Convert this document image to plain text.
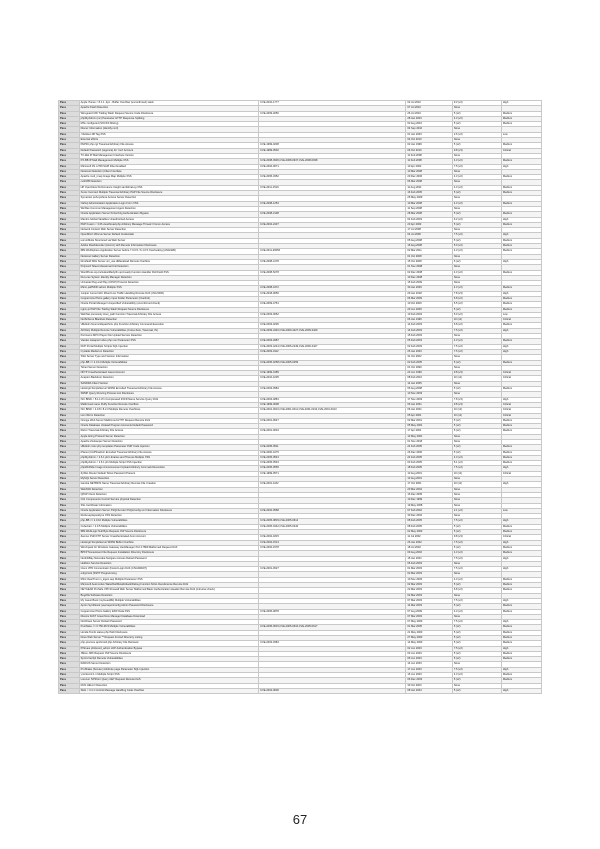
Pass	Apple iTunes < 8.1.1 .4pc - Buffer Overflow (unconfirmed) stack	CVE-2010-1777	02 Jul 2010	9.3 (v2)	High
Pass	Apache Flash Detection		07 Jul 2010	None	
Pass	Wireguard URI Trailing Slash Request Source Code Disclosure	CVE-2009-4050	26 Jul 2010	5 (v2)	Medium
Pass	phpMyAdmin (mc) Parameter HTTP Response Splitting		28 Jan 2003	4.3 (v2)	Medium
Pass	MSx configured (SOCKS Mixing)		02 Aug 2010	5 (v2)	Medium
Pass	Discuz Information (identify.mml)		04 Sep 2010	None	
Pass	<Ibolsten 98 Tag XSS		01 Jan 2003	2.6 (v2)	Low
Pass	External efforts		04 Oct 2010	None	
Pass	PHPFit php.cgi Traversal Arbitrary File Access	CVE-1999-0238	02 Jan 1999	5 (v2)	Medium
Pass	Default Password (ssgonna) for 'root' Account	CVE-1999-0502	06 Oct 2019	9.8 (v3)	Critical
Pass	TX-Mat IP Mail Management Interface Version		11 Feb 2008	None	
Pass	PX-BB IP Mail Management Multiple XSS	CVE-2008-0936,CVE-2008-0937,CVE-2008-0938	11 Feb 2008	4.3 (v2)	Medium
Pass	Microsoft IIS .HTR ISAPI Filter Enabled	CVE-2002-0071	10 Apr 2002	7.5 (v2)	High
Pass	Netscout Detection (Client Interface		10 Mar 2008	None	
Pass	Apache mod_imap Image Map Multiple XSS	CVE-2005-3352	20 Dec 2006	4.3 (v2)	Medium
Pass	cvsNXB Detection		06 Mar 2008	None	
Pass	HP OpenView Performance Insight samMmaLog XSS	CVE-2011-1519	11 Aug 2011	4.3 (v2)	Medium
Pass	Xerox Incorrect Multiple Traversal Arbitrary PHP File Source Disclosure		16 Feb 2005	5 (v2)	Medium
Pass	Symantec pcAnywhere Access Server Detection		26 May 2009	None	
Pass	Oahsp Administration Application Login Form XSS	CVE-2008-1253	10 Mar 2008	4.3 (v2)	Medium
Pass	Wicfiles Common Management Agent Detection		11 Sep 2008	None	
Pass	Oracle Application Server Portal 10g Authentication Bypass	CVE-2008-2138	28 Mar 2008	5 (v2)	Medium
Pass	Mambo Global Variables Unauthorized Access		04 Feb 2003	6.2 (v2)	High
Pass	PHP Fusion < 3.06 viewthread.php Arbitrary Message Thread / Forum Access	CVE-2004-2437	23 Apr 2003	5 (v2)	Medium
Pass	Network Content Web Server Detection		17 Jul 2008	None	
Pass	OpenMind 1Xfocus Server Default Credentials		04 Jul 2006	7.5 (v2)	High
Pass	uorvorMutis Structured via Web Server		05 Aug 2008	5 (v2)	Medium
Pass	Adobe Flashdecoder (Accroc) with Remote Information Disclosure		16 Aug 2008	5.0 (v2)	Medium
Pass	IBM WebSphere Application Server before 7.0.0.5 / 6.1.0.5 Overlooking (ANANAB)	CVE-2011-26656	02 Mar 2011	4.3 (v2)	Medium
Pass	Netscout Gallery Server Detection		01 Oct 2008	None	
Pass	Drosfield SDH Server uni_use.dll/lanaload Remote Overflow	CVE-2008-4178	15 Oct 2008	6 (v2)	High
Pass	PolyLord Telecomfessional Unit Detection		01 Nov 2008	None	
Pass	WordPress wp-Includes/Medy/fin upd.ready Function Handler Roll Field XSS	CVE-2008-5278	02 Dec 2008	4.3 (v2)	Medium
Pass	Dut-ures System Identity Manager Detection		10 Dec 2008	None	
Pass	Univariat Plug and Play (UPnP) Protocol Detection		15 Feb 2009	None	
Pass	Micro paPMOD admin Multiple XSS	CVE-2008-4472	30 Jan 2009	4.3 (v2)	Medium
Pass	Juniper Junos NAC Mixed Live Traffic Handling Remote DoS (JSA 6000)	CVE-2018-0050	29 Jan 2018	7.8 (v3)	High
Pass	Coppermine Photo gallery input Folder Parameter (Overlink)		06 Mar 2009	6.8 (v2)	Medium
Pass	Oracle Portal Manager Unspecified Vulnerability (unconfirmed check)	CVE-2009-4751	10 Oct 2009	6.5 (v2)	Medium
Pass	nginx-pi PHP File Trailing Slash Request Source Disclosure		20 Jun 2009	5 (v2)	Medium
Pass	WebNet previously Host_path Function Traversal Arbitrary File Access	CVE-2003-0052	10 Feb 2003	5.0 (v2)	Low
Pass	NetScheme Blacklust Detection		06 Jan 1996	10 (v2)	Critical
Pass	vBulletin forums/dispatch/nu.php Function Arbitrary Command Execution	CVE-2003-0236	14 Feb 2003	6.8 (v2)	Medium
Pass	AKOlety Multiple Remote Vulnerabilities (Cross-Sets, Traversal, IN)	CVE-2009-3440,CVE-2009-4427,CVE-2009-3429	14 Feb 2003	7.5 (v2)	High
Pass	Pat Gamo MPC Player File Upload Service Detection		15 Feb 2003	None	
Pass	Vaudex siteaport index.php non Parameter XSS	CVE-2003-4987	05 Feb 2003	4.3 (v2)	Medium
Pass	DCP Portal Multiple Scripts SQL Injection	CVE-2003-4244,CVE-2006-2249,CVE-2006-4427	02 Feb 2003	7.5 (v2)	High
Pass	Cyclade Media Ion Detection	CVE-2003-0112	26 Jan 2003	7.5 (v2)	High
Pass	SSH Server Type and Version Information		31 Oct 2002	None	
Pass	php-BB <= 2.0.11 Multiple Vulnerabilities	CVE-2005-0258,CVE-2005-0259	02 Feb 2005	5 (v2)	Medium
Pass	Telnet Server Detection		01 Oct 1999	None	
Pass	NFTP Unauthenticated Guest Account	CVE-1999-0185	22 Jun 1999	9.8 (v3)	Critical
Pass	Anapton Backdoor Detection	CVE-2010-1035	08 Feb 2010	10 (v2)	Critical
Pass	SANDRA Client Version		14 Jan 2005	None	
Pass	Hostingit SimpleServer:WWW Encoded Traversal Arbitrary File Access	CVE-2003-0984	06 Aug 2008	5 (v2)	Medium
Pass	SNMP Query Running Process List Disclosure		10 Nov 2003	None	
Pass	ISC BIND < 8.1.1-P1 Compressed ZXFR Name Service Query DoS	CVE-2003-4881	17 Nov 2003	7.8 (v3)	High
Pass	Malformed name Fluffy Function Remote Overflow	CVE-1999-0008	06 Jan 2001	9.8 (v3)	Critical
Pass	ISC BIND < 4.9.8 / 8.2.3 Multiple Remote Overflows	CVE-2001-0010,CVE-2001-0011,CVE-2001-0012,CVE-2001-0013	06 Jan 2001	10 (v2)	Critical
Pass	Lion Worm Detection		05 Apr 2001	10 (v2)	Critical
Pass	Orange Web Server Malformed HTTP Request Remote DoS	CVE-2001-0647	02 Mar 2001	5 (v2)	Medium
Pass	Oracle Database Undead Program Accounts Default Password		05 May 2001	5 (v2)	Medium
Pass	Razor Traversal Arbitrary File Access	CVE-2001-0034	17 Apr 2001	5 (v2)	Medium
Pass	Apple Airing Protocol Server Detection		12 May 2001	None	
Pass	Apache Zookeeper Server Detection		01 Nov 2018	None	
Pass	vBulletin misc.php templates Parameter PHP Code Injection	CVE-2005-0511	24 Feb 2005	5 (v2)	Medium
Pass	iPlanet (CAPS/admin Encoded Traversal Arbitrary File Access	CVE-2000-1075	26 Dec 2000	5 (v2)	Medium
Pass	phpMyAdmin < 2.6.1 pl2 Libraries and Themes Multiple XSS	CVE-2005-0543	24 Feb 2005	4.3 (v2)	Medium
Pass	phpMyAdmin < 2.6.1 pl1 Multiple Script XSS Injection	CVE-2005-0543	03 Feb 2005	5.1 (v2)	Medium
Pass	phpWebSite Image Announcement Upload Arbitrary Command Execution	CVE-2005-0565	18 Feb 2005	7.5 (v2)	High
Pass	ZyXEL Router Default Telnet Password Present	CVE-1999-0571	13 Aug 2001	10 (v2)	Critical
Pass	MySQL Server Detection		12 Aug 2001	None	
Pass	Gamba NETBIOS Name Traversal Arbitrary Remote File Creation	CVE-2001-1162	17 Oct 2001	10 (v2)	High
Pass	WebDAV Detection		20 Mar 2004	None	
Pass	QPAP Client Detection		16 Dec 2005	None	
Pass	CGI Components Control Service physical Detection		10 Dec 1999	None	
Pass	SSL Certificate Information		19 May 2008	None	
Pass	Oracle Application Server XSQLServlet XSQLConfig.xml Information Disclosure	CVE-2002-0568	07 Feb 2002	2.1 (v2)	Low
Pass	Retrieveplaysetdyne XSS Detection		30 Dec 2002	None	
Pass	php-BB <= 2.0.10 Multiple Vulnerabilities	CVE-2005-0803,CVE-2005-0614	08 Feb 2005	7.5 (v2)	High
Pass	CubeCart < 2.0.5 Multiple Vulnerabilities	CVE-2005-0442,CVE-2005-0443	08 Feb 2005	5 (v2)	Medium
Pass	IBM WebLogic Null Byte Request JSP Source Disclosure		02 May 2003	5 (v2)	Medium
Pass	Zeonux PHN FTP Server Unauthenticated Anon Account	CVE-2002-1815	11 Jul 2002	9.8 (v3)	Critical
Pass	Hostingit SimpleServer:WWW Buffer Overflow	CVE-2002-1513	26 Jan 2002	7.5 (v2)	High
Pass	Winchpack for Windows Gateway HexManager Port 17869 Malformed Request DoS	CVE-2002-1578	18 Jul 2002	5 (v2)	Medium
Pass	BPFP Nonexistent File Request Installation Directory Disclosure		09 Aug 2002	4.3 (v2)	Medium
Pass	NetInfoBay Netcodea Nuriganu Access Default Password		15 Jan 2001	7.5 (v2)	High
Pass	Heldtom Service Detection		06 Feb 2003	None	
Pass	Cisco VPN Concentrator (hozed Login DoS (CSCdt0927))	CVE-2001-4527	01 Mar 2003	7.5 (v2)	High
Pass	enfgrconk (SSTP Programming		02 Mar 2003	None	
Pass	RSA ClearTrust m_logon.asp Multiple Parameter XSS		10 Nov 2003	4.3 (v2)	Medium
Pass	Microsoft Automotive WaterDat/Metal/Attack/Debug Function NULL Dereference Remote DoS		02 Mar 2003	5 (v2)	Medium
Pass	NETGEAR ProSafe VPN Firewall Web Server Malformed Basic Authentication Header Remote DoS (intrusive check)		22 Mar 2003	6.8 (v2)	Medium
Pass	Bugzilla Software Detection		02 Mar 2003	None	
Pass	My Guest Book (myGuestBk) Multiple Vulnerabilities		07 Mar 2003	7.5 (v2)	High
Pass	Apron Syndikook (userreportconfig Admin Password Disclosure		14 Mar 2003	5 (v2)	Medium
Pass	Coppermine Photo Gallery EXIF Data XSS	CVE-2005-4878	07 Aug 2009	4.3 (v2)	Medium
Pass	Dissins FAST Greenforce Manager Database Download		07 Mar 2003	None	
Pass	NetChaos Server Default Password		07 May 2003	7.5 (v2)	High
Pass	PostNuke <= 0.750-RC3 Multiple Vulnerabilities	CVE-2005-0615,CVE-2005-0616,CVE-2005-0617	01 Mar 2005	5 (v2)	Medium
Pass	Honda Tomfo status.php Path Disclosure		21 May 2003	5 (v2)	Medium
Pass	Does Web Server ** Request Forced Directory Listing		27 May 2003	5 (v2)	Medium
Pass	php-procone apchmlvd.php Arbitrary File Retrieval	CVE-2003-0384	14 May 2003	5 (v2)	Medium
Pass	Pihtrues phirkoord_admin LDP Authentication Bypass		02 Jun 2003	7.5 (v2)	High
Pass	JBoss JMX Request JSP Source Disclosure		03 Jun 2003	5 (v2)	Medium
Pass	Sprint-Verifyb Remote Vulnerabilities		06 Jun 2003	5 (v2)	Medium
Pass	RADIUS Server Detection		14 Jun 2003	None	
Pass	ProShake (Scouter) Attribute page Parameter SQL Injection		17 Jun 2003	7.5 (v2)	High
Pass	yrorrkcord 1.1 Multiple Script XSS		16 Jun 2003	4.3 (v2)	Medium
Pass	Lorecun IVPPoint Query GET Request Remote DoS		06 Dec 2003	5 (v2)	Medium
Pass	DCN HELLO Detection		30 Oct 2003	None	
Pass	SHH < 3.4.1 Control Message Handling Code Overflow	CVE-2004-0600	08 Jan 2004	5 (v2)	High
67
